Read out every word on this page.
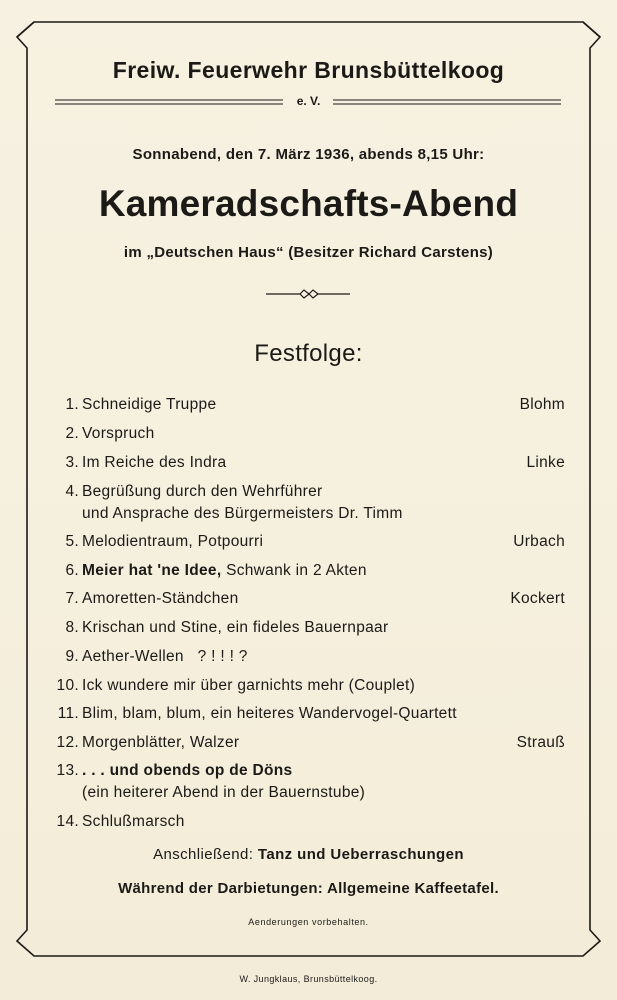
Freiw. Feuerwehr Brunsbüttelkoog
e. V.
Sonnabend, den 7. März 1936, abends 8,15 Uhr:
Kameradschafts-Abend
im „Deutschen Haus“ (Besitzer Richard Carstens)
Festfolge:
1. Schneidige Truppe	Blohm
2. Vorspruch
3. Im Reiche des Indra	Linke
4. Begrüßung durch den Wehrführer
und Ansprache des Bürgermeisters Dr. Timm
5. Melodientraum, Potpourri	Urbach
6. Meier hat 'ne Idee, Schwank in 2 Akten
7. Amoretten-Ständchen	Kockert
8. Krischan und Stine, ein fideles Bauernpaar
9. Aether-Wellen   ? ! ! ! ?
10. Ick wundere mir über garnichts mehr (Couplet)
11. Blim, blam, blum, ein heiteres Wandervogel-Quartett
12. Morgenblätter, Walzer	Strauß
13. . . . und obends op de Döns
(ein heiterer Abend in der Bauernstube)
14. Schlußmarsch
Anschließend: Tanz und Ueberraschungen
Während der Darbietungen: Allgemeine Kaffeetafel.
Aenderungen vorbehalten.
W. Jungklaus, Brunsbüttelkoog.
